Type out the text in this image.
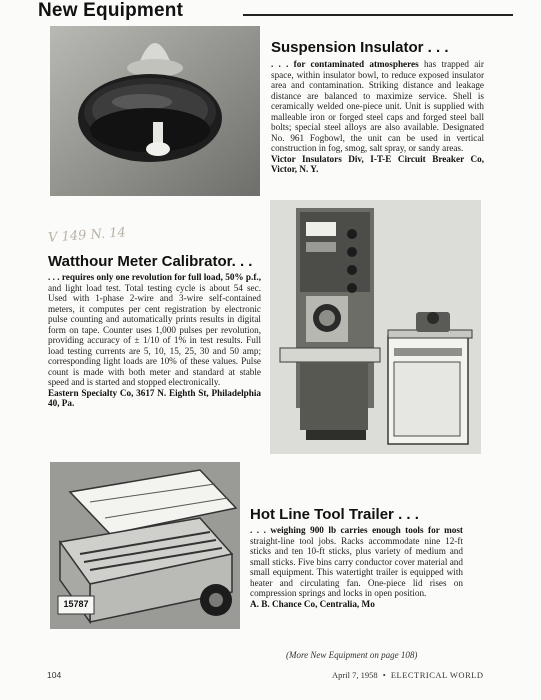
New Equipment
Suspension Insulator . . .
. . . for contaminated atmospheres has trapped air space, within insulator bowl, to reduce exposed insulator area and contamination. Striking distance and leakage distance are balanced to maximize service. Shell is ceramically welded one-piece unit. Unit is supplied with malleable iron or forged steel caps and forged steel ball bolts; special steel alloys are also available. Designated No. 961 Fogbowl, the unit can be used in vertical construction in fog, smog, salt spray, or sandy areas.
Victor Insulators Div, I-T-E Circuit Breaker Co, Victor, N. Y.
V 149 N. 14
Watthour Meter Calibrator. . .
. . . requires only one revolution for full load, 50% p.f., and light load test. Total testing cycle is about 54 sec. Used with 1-phase 2-wire and 3-wire self-contained meters, it computes per cent registration by electronic pulse counting and automatically prints results in digital form on tape. Counter uses 1,000 pulses per revolution, providing accuracy of ± 1/10 of 1% in test results. Full load testing currents are 5, 10, 15, 25, 30 and 50 amp; corresponding light loads are 10% of these values. Pulse count is made with both meter and standard at stable speed and is started and stopped electronically.
Eastern Specialty Co, 3617 N. Eighth St, Philadelphia 40, Pa.
15787
Hot Line Tool Trailer . . .
. . . weighing 900 lb carries enough tools for most straight-line tool jobs. Racks accommodate nine 12-ft sticks and ten 10-ft sticks, plus variety of medium and small sticks. Five bins carry conductor cover material and small equipment. This watertight trailer is equipped with heater and circulating fan. One-piece lid rises on compression springs and locks in open position.
A. B. Chance Co, Centralia, Mo
(More New Equipment on page 108)
104	April 7, 1958 • ELECTRICAL WORLD
